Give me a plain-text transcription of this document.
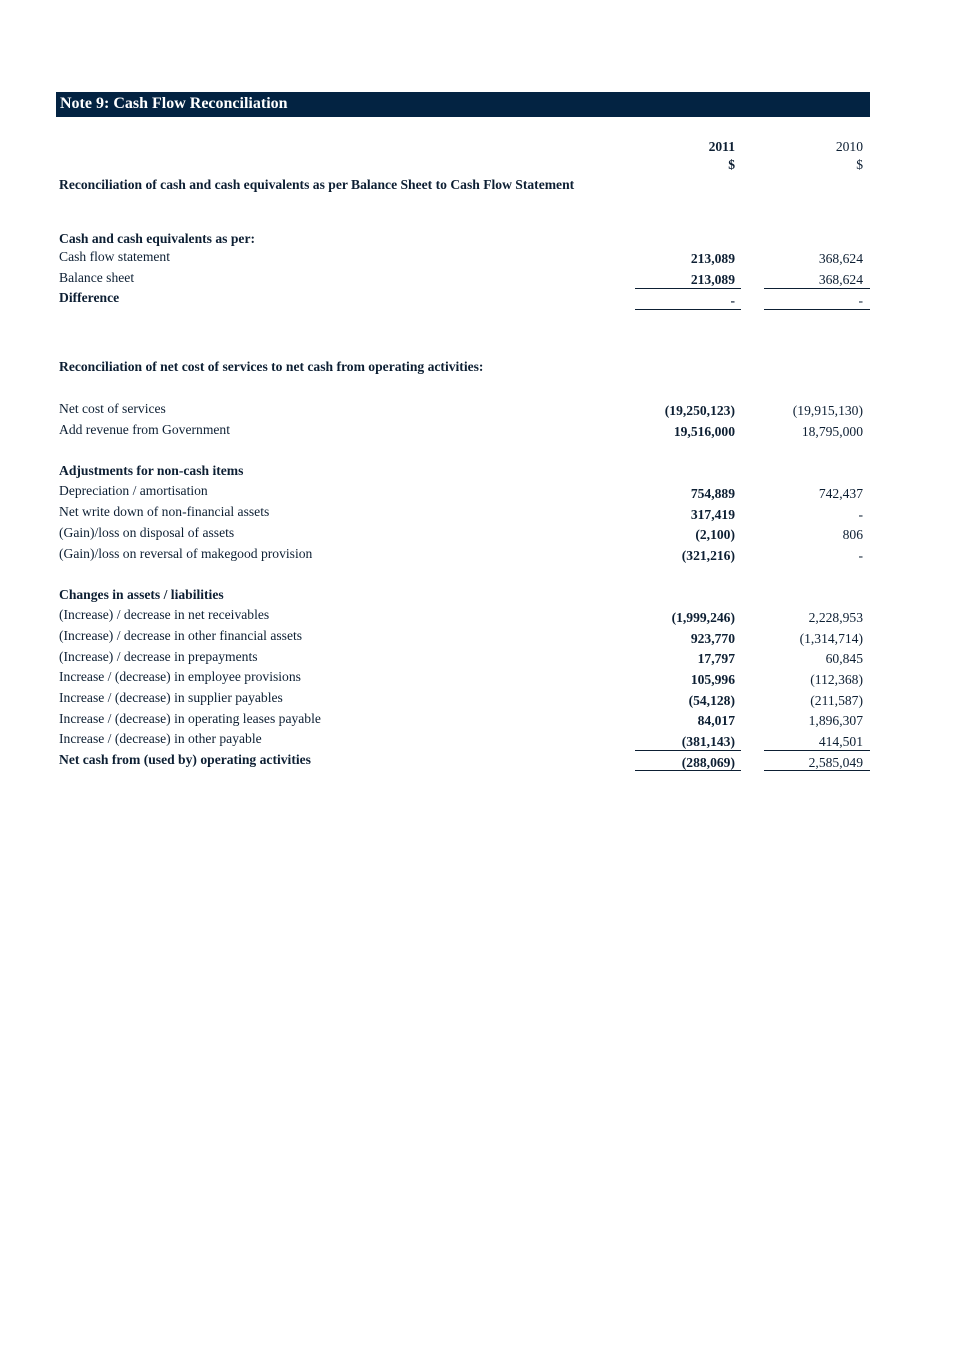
Note 9: Cash Flow Reconciliation
2011	2010
$	$
Reconciliation of cash and cash equivalents as per Balance Sheet to Cash Flow Statement
Cash and cash equivalents as per:
Cash flow statement	213,089	368,624
Balance sheet	213,089	368,624
Difference	-	-
Reconciliation of net cost of services to net cash from operating activities:
Net cost of services	(19,250,123)	(19,915,130)
Add revenue from Government	19,516,000	18,795,000
Adjustments for non-cash items
Depreciation / amortisation	754,889	742,437
Net write down of non-financial assets	317,419	-
(Gain)/loss on disposal of assets	(2,100)	806
(Gain)/loss on reversal of makegood provision	(321,216)	-
Changes in assets / liabilities
(Increase) / decrease in net receivables	(1,999,246)	2,228,953
(Increase) / decrease in other financial assets	923,770	(1,314,714)
(Increase) / decrease in prepayments	17,797	60,845
Increase / (decrease) in employee provisions	105,996	(112,368)
Increase / (decrease) in supplier payables	(54,128)	(211,587)
Increase / (decrease) in operating leases payable	84,017	1,896,307
Increase / (decrease) in other payable	(381,143)	414,501
Net cash from (used by) operating activities	(288,069)	2,585,049
